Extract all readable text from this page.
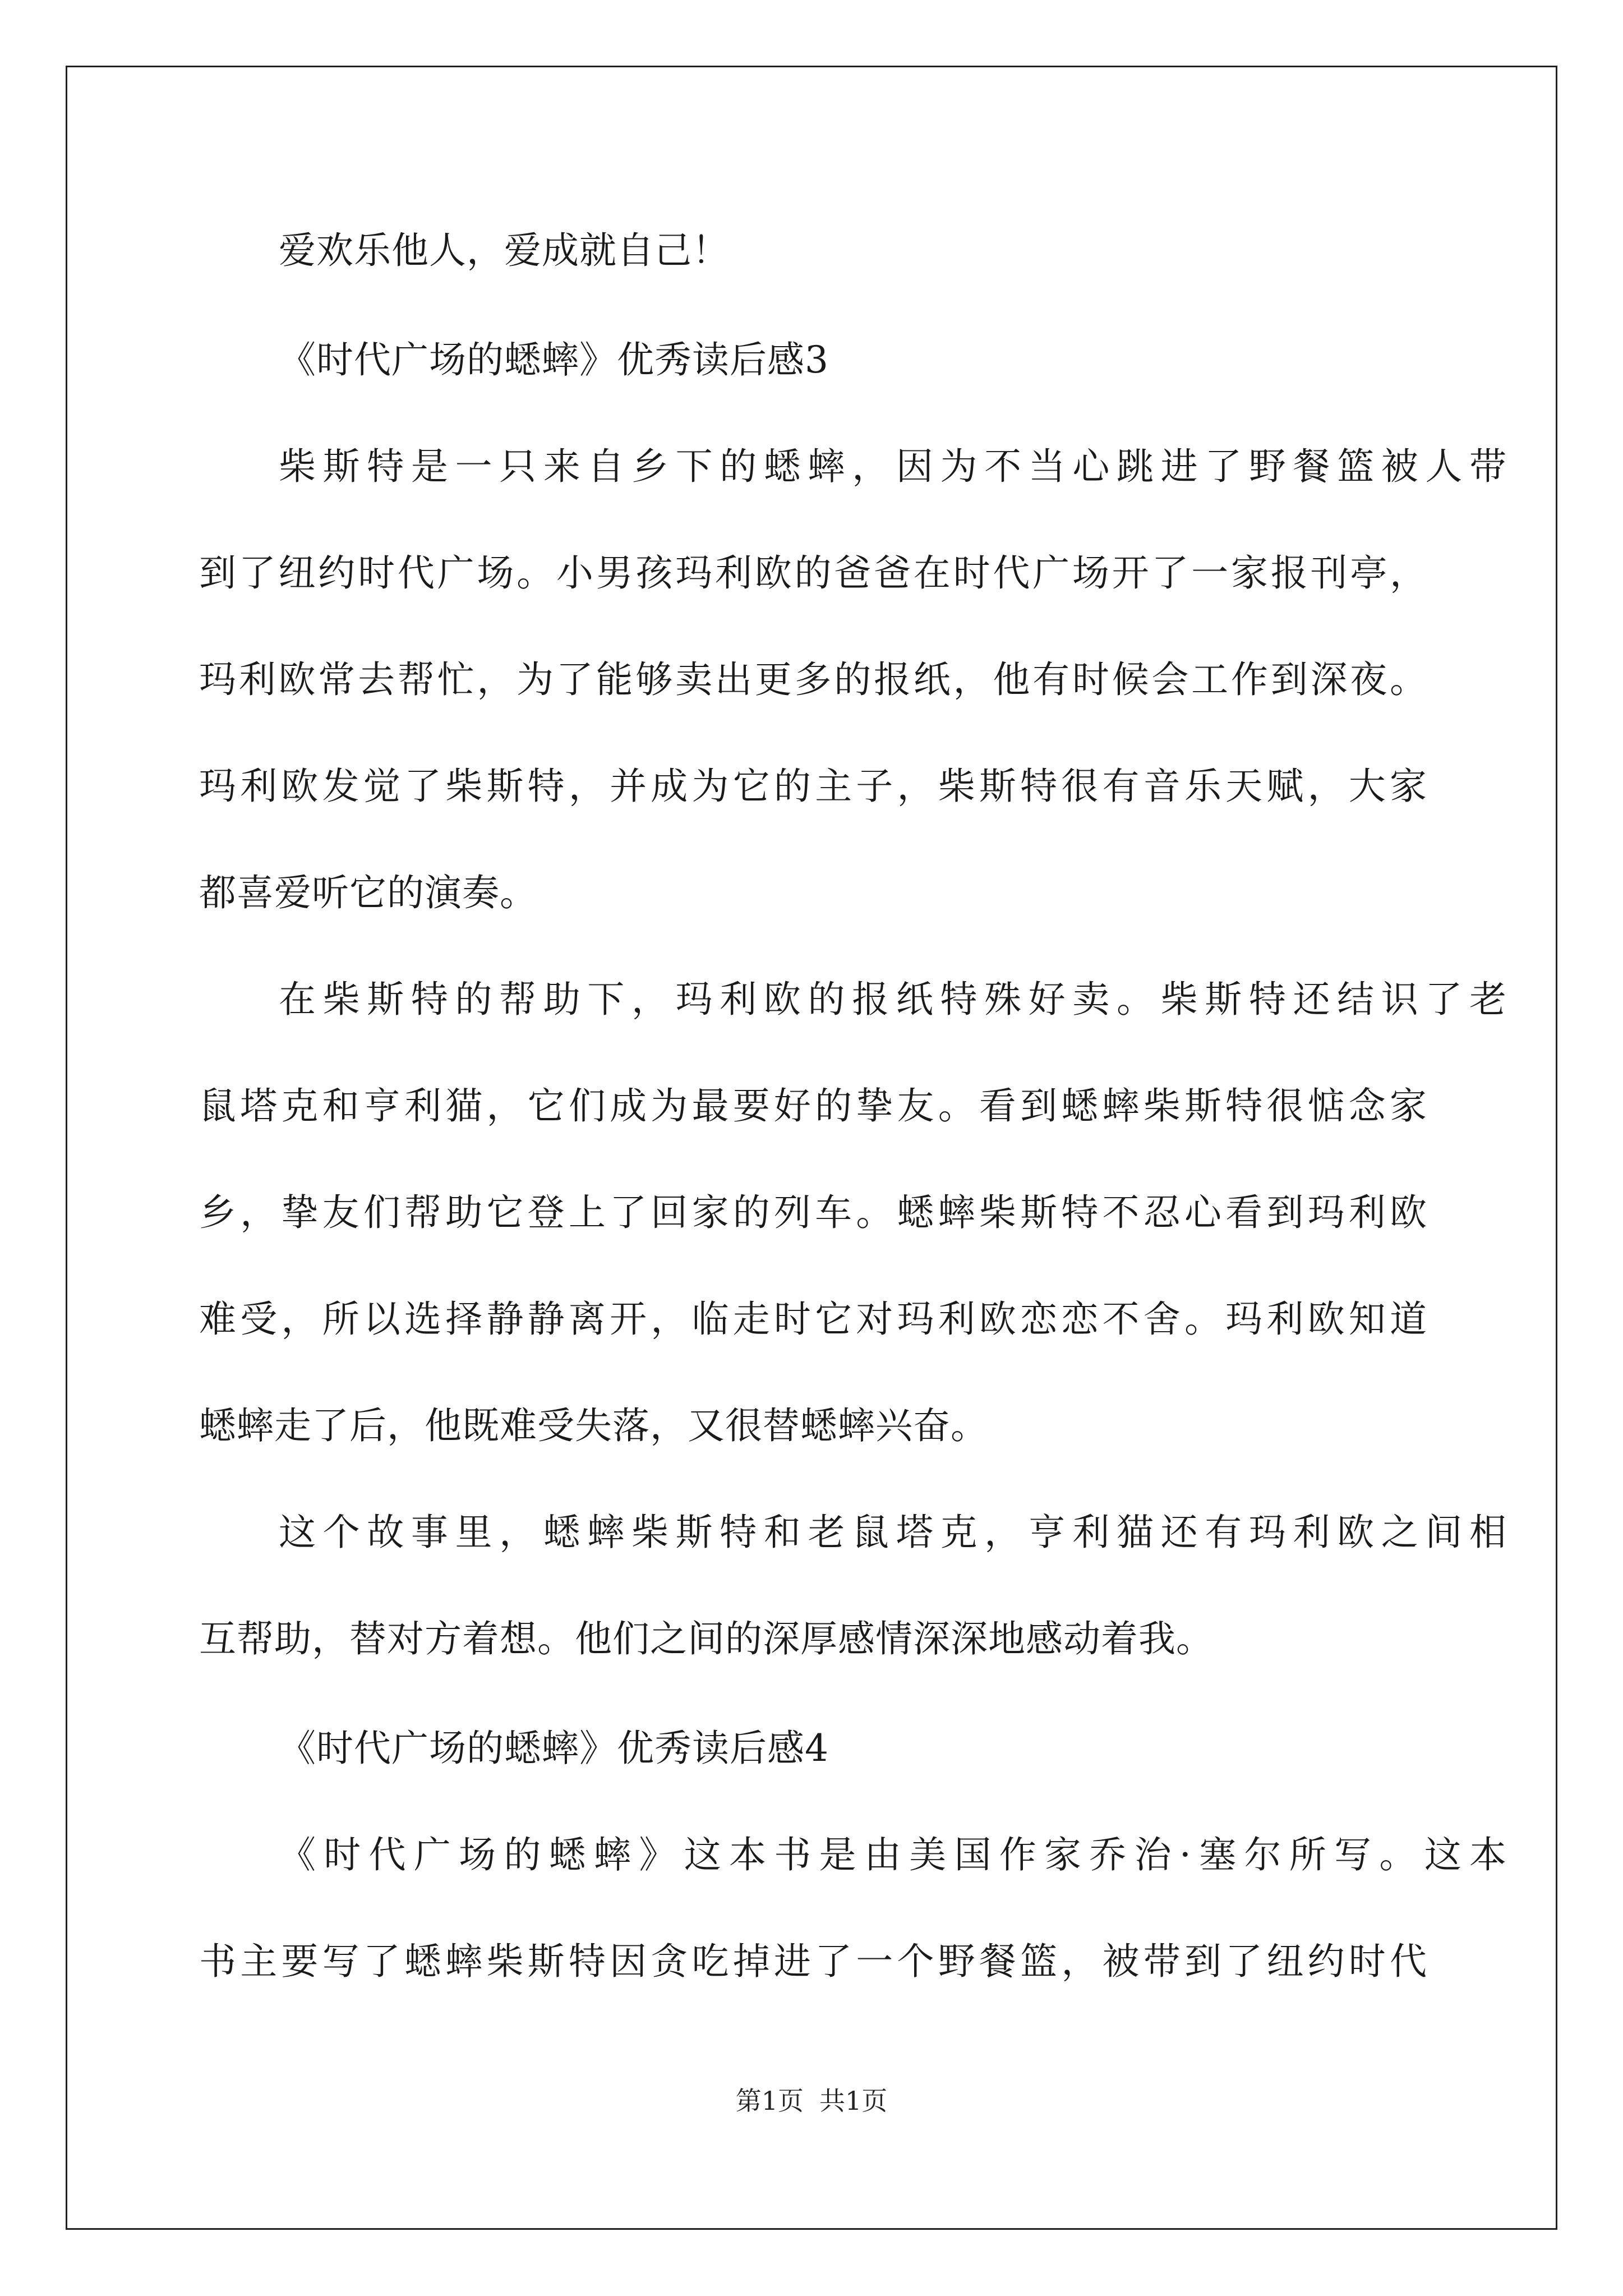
爱欢乐他人，爱成就自己！
《时代广场的蟋蟀》优秀读后感3
柴斯特是一只来自乡下的蟋蟀，因为不当心跳进了野餐篮被人带
到了纽约时代广场。小男孩玛利欧的爸爸在时代广场开了一家报刊亭，
玛利欧常去帮忙，为了能够卖出更多的报纸，他有时候会工作到深夜。
玛利欧发觉了柴斯特，并成为它的主子，柴斯特很有音乐天赋，大家
都喜爱听它的演奏。
在柴斯特的帮助下，玛利欧的报纸特殊好卖。柴斯特还结识了老
鼠塔克和亨利猫，它们成为最要好的挚友。看到蟋蟀柴斯特很惦念家
乡，挚友们帮助它登上了回家的列车。蟋蟀柴斯特不忍心看到玛利欧
难受，所以选择静静离开，临走时它对玛利欧恋恋不舍。玛利欧知道
蟋蟀走了后，他既难受失落，又很替蟋蟀兴奋。
这个故事里，蟋蟀柴斯特和老鼠塔克，亨利猫还有玛利欧之间相
互帮助，替对方着想。他们之间的深厚感情深深地感动着我。
《时代广场的蟋蟀》优秀读后感4
《时代广场的蟋蟀》这本书是由美国作家乔治·塞尔所写。这本
书主要写了蟋蟀柴斯特因贪吃掉进了一个野餐篮，被带到了纽约时代
第1页 共1页
